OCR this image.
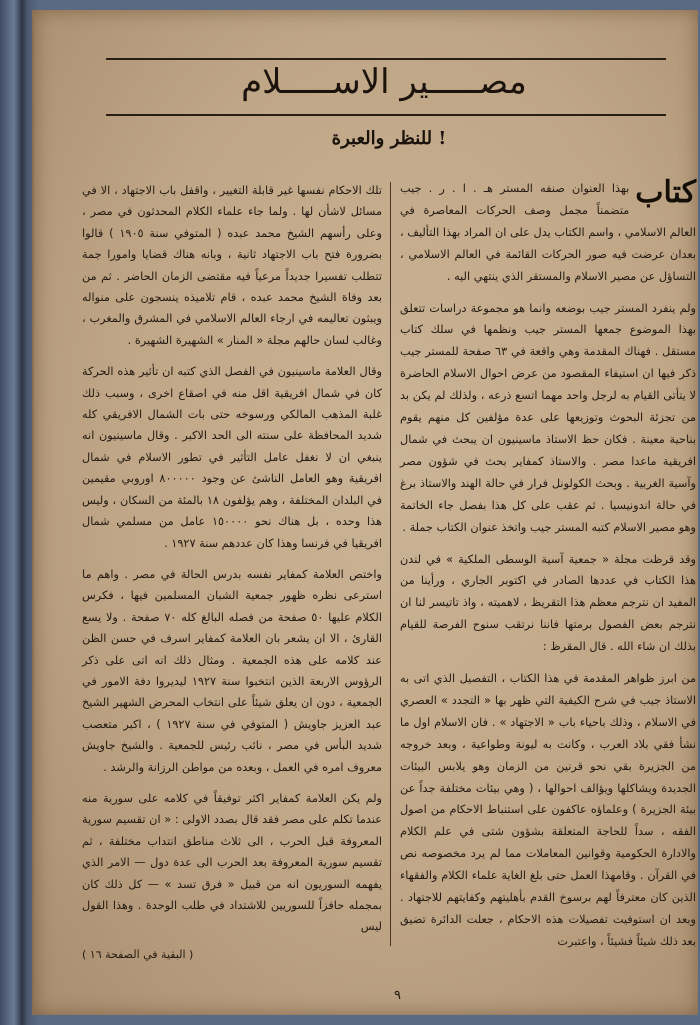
مصـــــير الاســـــلام
للنظر والعبرة !

كتاب
بهذا العنوان صنفه المستر هـ . ا . ر . جيب متضمناً مجمل وصف الحركات المعاصرة في العالم الاسلامي ، واسم الكتاب يدل على ان المراد بهذا التأليف ، بعدان عرضت فيه صور الحركات القائمة في العالم الاسلامي ، التساؤل عن مصير الاسلام والمستقر الذي ينتهي اليه .

ولم ينفرد المستر جيب بوضعه وانما هو مجموعة دراسات تتعلق بهذا الموضوع جمعها المستر جيب ونظمها في سلك كتاب مستقل . فهناك المقدمة وهي واقعة في ٦٣ صفحة للمستر جيب ذكر فيها ان استيفاء المقصود من عرض احوال الاسلام الحاضرة لا يتأتى القيام به لرجل واحد مهما اتسع ذرعه ، ولذلك لم يكن بد من تجزئة البحوث وتوزيعها على عدة مؤلفين كل منهم يقوم بناحية معينة . فكان حظ الاستاذ ماسينيون ان يبحث في شمال افريقية ماعدا مصر . والاستاذ كمفاير بحث في شؤون مصر وآسية الغربية . وبحث الكولونل فرار في حالة الهند والاستاذ برغ في حالة اندونيسيا . ثم عقب على كل هذا بفصل جاء الخاتمة وهو مصير الاسلام كتبه المستر جيب واتخذ عنوان الكتاب جملة .

وقد قرظت مجلة « جمعية آسية الوسطى الملكية » في لندن هذا الكتاب في عددها الصادر في اكتوبر الجاري ، ورأينا من المفيد ان نترجم معظم هذا التقريظ ، لاهميته ، واذ تاتيسر لنا ان نترجم بعض الفصول برمتها فاننا نرتقب سنوح الفرصة للقيام بذلك ان شاء الله . قال المقرظ :

من ابرز ظواهر المقدمة في هذا الكتاب ، التفصيل الذي اتى به الاستاذ جيب في شرح الكيفية التي ظهر بها « التجدد » العصري في الاسلام ، وذلك باحياء باب « الاجتهاد » . فان الاسلام اول ما نشأ فقي بلاد العرب ، وكانت به ليونة وطواعية ، وبعد خروجه من الجزيرة بقي نحو قرنين من الزمان وهو يلابس البيئات الجديدة ويشاكلها ويؤالف احوالها ، ( وهي بيئات مختلفة جداً عن بيئة الجزيرة ) وعلماؤه عاكفون على استنباط الاحكام من اصول الفقه ، سداً للحاجة المتعلقة بشؤون شتى في علم الكلام والادارة الحكومية وقوانين المعاملات مما لم يرد مخصوصه نص في القرآن . وقامهذا العمل حتى بلغ الغاية علماء الكلام والفقهاء الذين كان معترفاً لهم برسوخ القدم بأهليتهم وكفايتهم للاجتهاد . وبعد ان استوفيت تفصيلات هذه الاحكام ، جعلت الدائرة تضيق بعد ذلك شيئاً فشيئاً ، واعتبرت

تلك الاحكام نفسها غير قابلة التغيير ، واقفل باب الاجتهاد ، الا في مسائل لاشأن لها . ولما جاء علماء الكلام المحدثون في مصر ، وعلى رأسهم الشيخ محمد عبده ( المتوفي سنة ١٩٠٥ ) قالوا بضرورة فتح باب الاجتهاد ثانية ، وبانه هناك قضايا وامورا جمة تتطلب تفسيرا جديداً مرعياً فيه مقتضى الزمان الحاضر . ثم من بعد وفاة الشيخ محمد عبده ، قام تلاميذه ينسجون على منواله ويبثون تعاليمه في ارجاء العالم الاسلامي في المشرق والمغرب ، وغالب لسان حالهم مجلة « المنار » الشهيرة الشهيرة .

وقال العلامة ماسينيون في الفصل الذي كتبه ان تأثير هذه الحركة كان في شمال افريقية اقل منه في اصقاع اخرى ، وسبب ذلك غلبة المذهب المالكي ورسوخه حتى بات الشمال الافريقي كله شديد المحافظة على سنته الى الحد الاكبر . وقال ماسينيون انه ينبغي ان لا نغفل عامل التأثير في تطور الاسلام في شمال افريقية وهو العامل الناشئ عن وجود ٨٠٠٠٠٠ اوروبي مقيمين في البلدان المختلفة ، وهم يؤلفون ١٨ بالمئة من السكان ، وليس هذا وحده ، بل هناك نحو ١٥٠٠٠٠ عامل من مسلمي شمال افريقيا في فرنسا وهذا كان عددهم سنة ١٩٢٧ .

واختص العلامة كمفاير نفسه بدرس الحالة في مصر . واهم ما استرعى نظره ظهور جمعية الشبان المسلمين فيها ، فكرس الكلام عليها ٥٠ صفحة من فصله البالغ كله ٧٠ صفحة . ولا يسع القارئ ، الا ان يشعر بان العلامة كمفاير اسرف في حسن الظن عند كلامه على هذه الجمعية . ومثال ذلك انه اتى على ذكر الرؤوس الاربعة الذين انتخبوا سنة ١٩٢٧ ليديروا دفة الامور في الجمعية ، دون ان يعلق شيئاً على انتخاب المحرض الشهير الشيخ عبد العزيز جاويش ( المتوفي في سنة ١٩٢٧ ) ، اكبر متعصب شديد البأس في مصر ، نائب رئيس للجمعية . والشيخ جاويش معروف امره في العمل ، وبعده من مواطن الرزانة والرشد .

ولم يكن العلامة كمفاير اكثر توفيقاً في كلامه على سورية منه عندما تكلم على مصر فقد قال بصدد الاولى : « ان تقسيم سورية المعروفة قبل الحرب ، الى ثلاث مناطق انتداب مختلفة ، ثم تقسيم سورية المعروفة بعد الحرب الى عدة دول — الامر الذي يفهمه السوريون انه من قبيل « فرق تسد » — كل ذلك كان بمجمله حافزاً للسوريين للاشتداد في طلب الوحدة . وهذا القول ليس

( البقية في الصفحة ١٦ )
٩
